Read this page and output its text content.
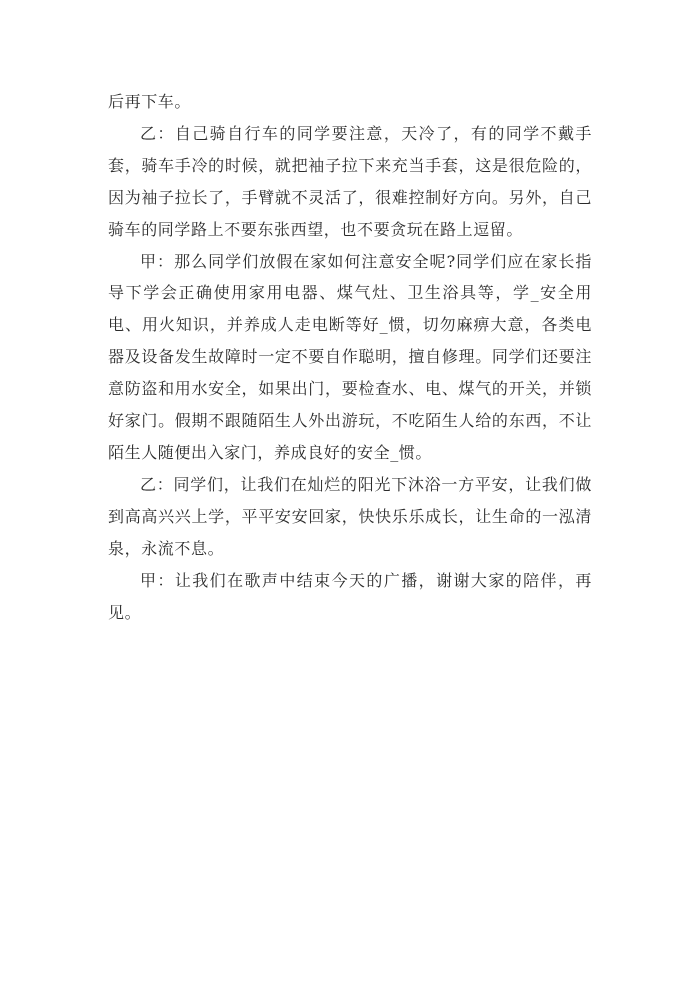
后再下车。

乙：自己骑自行车的同学要注意，天冷了，有的同学不戴手套，骑车手冷的时候，就把袖子拉下来充当手套，这是很危险的，因为袖子拉长了，手臂就不灵活了，很难控制好方向。另外，自己骑车的同学路上不要东张西望，也不要贪玩在路上逗留。

甲：那么同学们放假在家如何注意安全呢?同学们应在家长指导下学会正确使用家用电器、煤气灶、卫生浴具等，学_安全用电、用火知识，并养成人走电断等好_惯，切勿麻痹大意，各类电器及设备发生故障时一定不要自作聪明，擅自修理。同学们还要注意防盗和用水安全，如果出门，要检查水、电、煤气的开关，并锁好家门。假期不跟随陌生人外出游玩，不吃陌生人给的东西，不让陌生人随便出入家门，养成良好的安全_惯。

乙：同学们，让我们在灿烂的阳光下沐浴一方平安，让我们做到高高兴兴上学，平平安安回家，快快乐乐成长，让生命的一泓清泉，永流不息。

甲：让我们在歌声中结束今天的广播，谢谢大家的陪伴，再见。
